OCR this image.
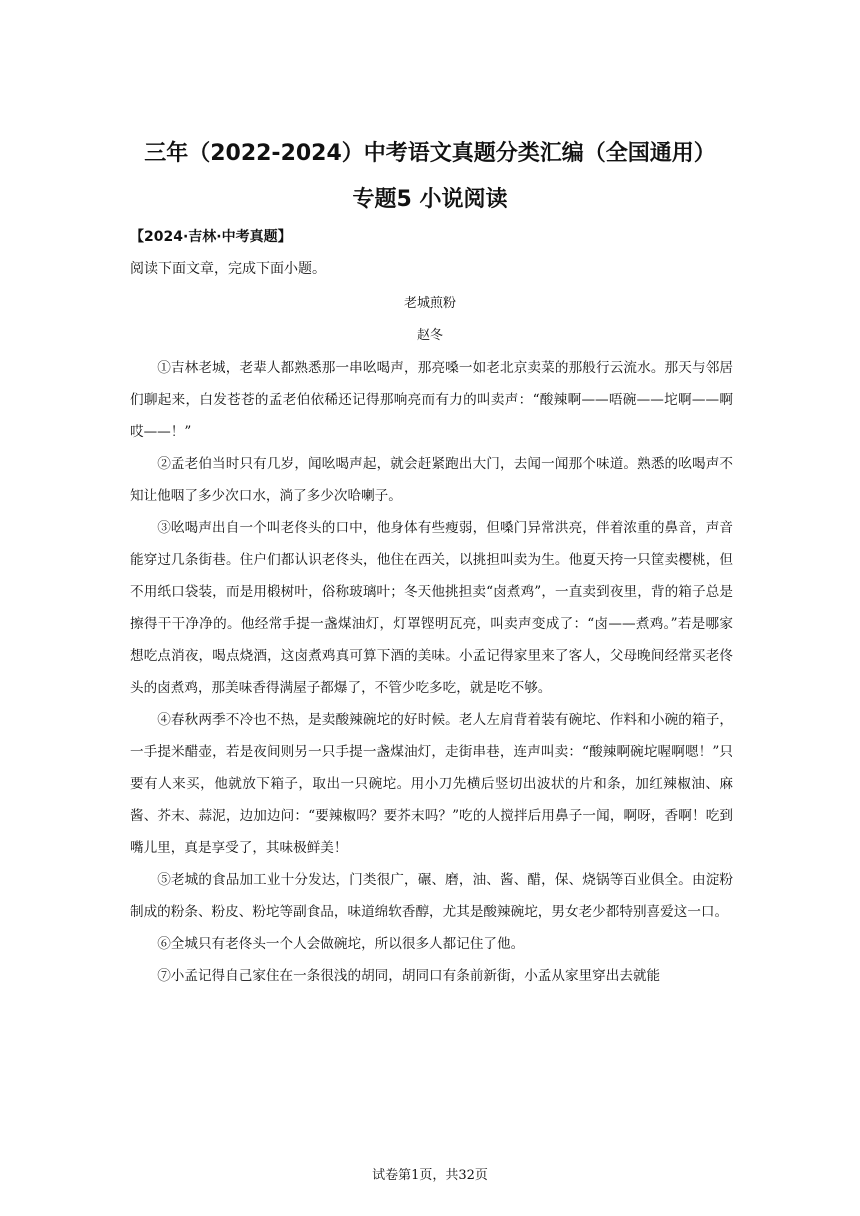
三年（2022-2024）中考语文真题分类汇编（全国通用）
专题5 小说阅读
【2024·吉林·中考真题】
阅读下面文章，完成下面小题。
老城煎粉
赵冬

①吉林老城，老辈人都熟悉那一串吆喝声，那亮嗓一如老北京卖菜的那般行云流水。那天与邻居们聊起来，白发苍苍的孟老伯依稀还记得那响亮而有力的叫卖声：“酸辣啊——唔碗——坨啊——啊哎——！”

②孟老伯当时只有几岁，闻吆喝声起，就会赶紧跑出大门，去闻一闻那个味道。熟悉的吆喝声不知让他咽了多少次口水，淌了多少次哈喇子。

③吆喝声出自一个叫老佟头的口中，他身体有些瘦弱，但嗓门异常洪亮，伴着浓重的鼻音，声音能穿过几条街巷。住户们都认识老佟头，他住在西关，以挑担叫卖为生。他夏天挎一只筐卖樱桃，但不用纸口袋装，而是用椴树叶，俗称玻璃叶；冬天他挑担卖“卤煮鸡”，一直卖到夜里，背的箱子总是擦得干干净净的。他经常手提一盏煤油灯，灯罩铿明瓦亮，叫卖声变成了：“卤——煮鸡。”若是哪家想吃点消夜，喝点烧酒，这卤煮鸡真可算下酒的美味。小孟记得家里来了客人，父母晚间经常买老佟头的卤煮鸡，那美味香得满屋子都爆了，不管少吃多吃，就是吃不够。

④春秋两季不冷也不热，是卖酸辣碗坨的好时候。老人左肩背着装有碗坨、作料和小碗的箱子，一手提米醋壶，若是夜间则另一只手提一盏煤油灯，走街串巷，连声叫卖：“酸辣啊碗坨喔啊嗯！”只要有人来买，他就放下箱子，取出一只碗坨。用小刀先横后竖切出波状的片和条，加红辣椒油、麻酱、芥末、蒜泥，边加边问：“要辣椒吗？要芥末吗？”吃的人搅拌后用鼻子一闻，啊呀，香啊！吃到嘴儿里，真是享受了，其味极鲜美！

⑤老城的食品加工业十分发达，门类很广，碾、磨，油、酱、醋，保、烧锅等百业俱全。由淀粉制成的粉条、粉皮、粉坨等副食品，味道绵软香醇，尤其是酸辣碗坨，男女老少都特别喜爱这一口。

⑥全城只有老佟头一个人会做碗坨，所以很多人都记住了他。

⑦小孟记得自己家住在一条很浅的胡同，胡同口有条前新街，小孟从家里穿出去就能

试卷第1页，共32页
